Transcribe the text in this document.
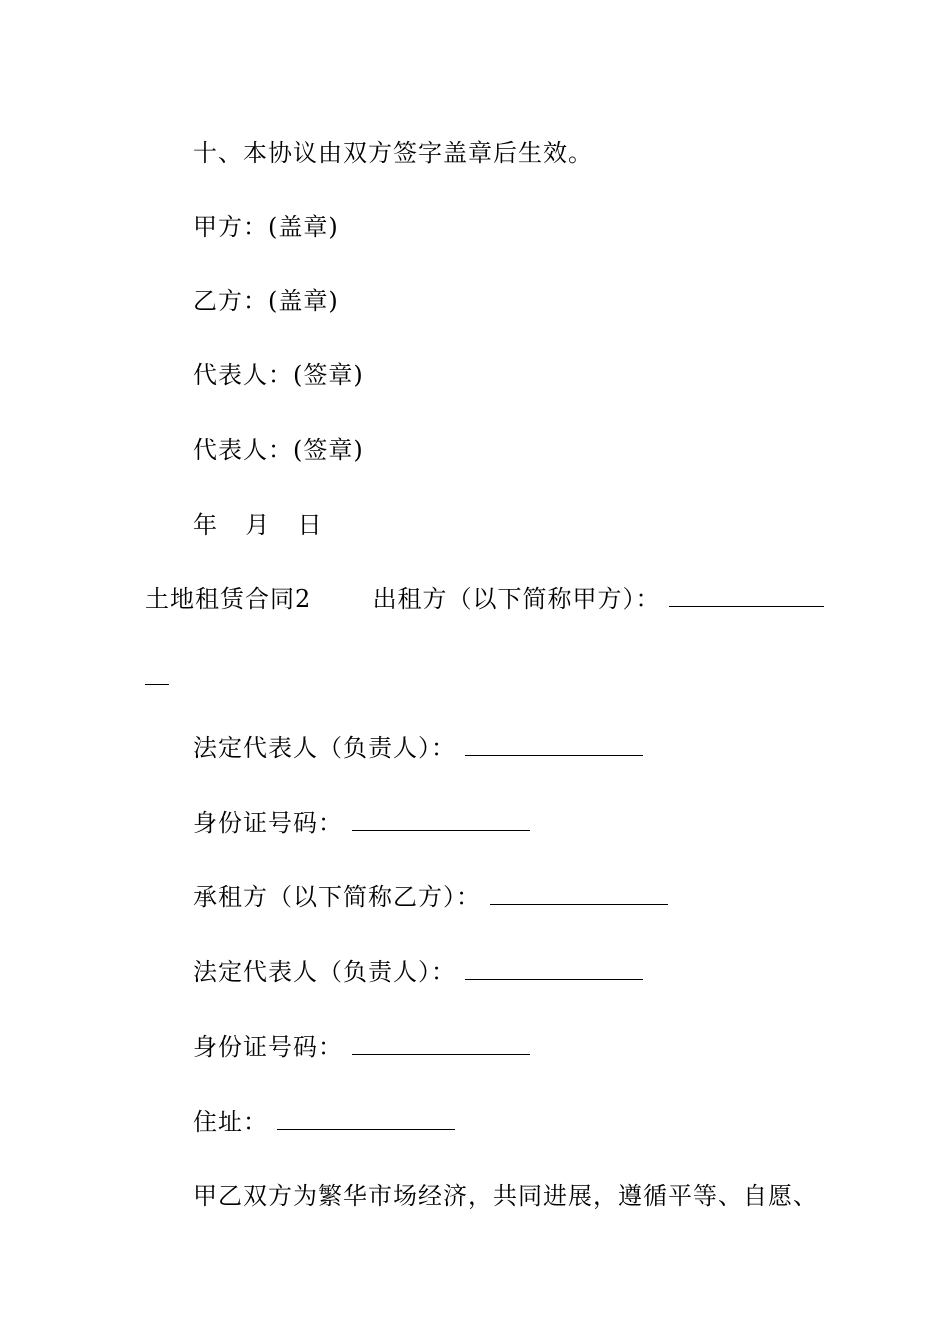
十、本协议由双方签字盖章后生效。
甲方：(盖章)
乙方：(盖章)
代表人：(签章)
代表人：(签章)
年 月 日
土地租赁合同2	出租方（以下简称甲方）：
法定代表人（负责人）：
身份证号码：
承租方（以下简称乙方）：
法定代表人（负责人）：
身份证号码：
住址：
甲乙双方为繁华市场经济，共同进展，遵循平等、自愿、
